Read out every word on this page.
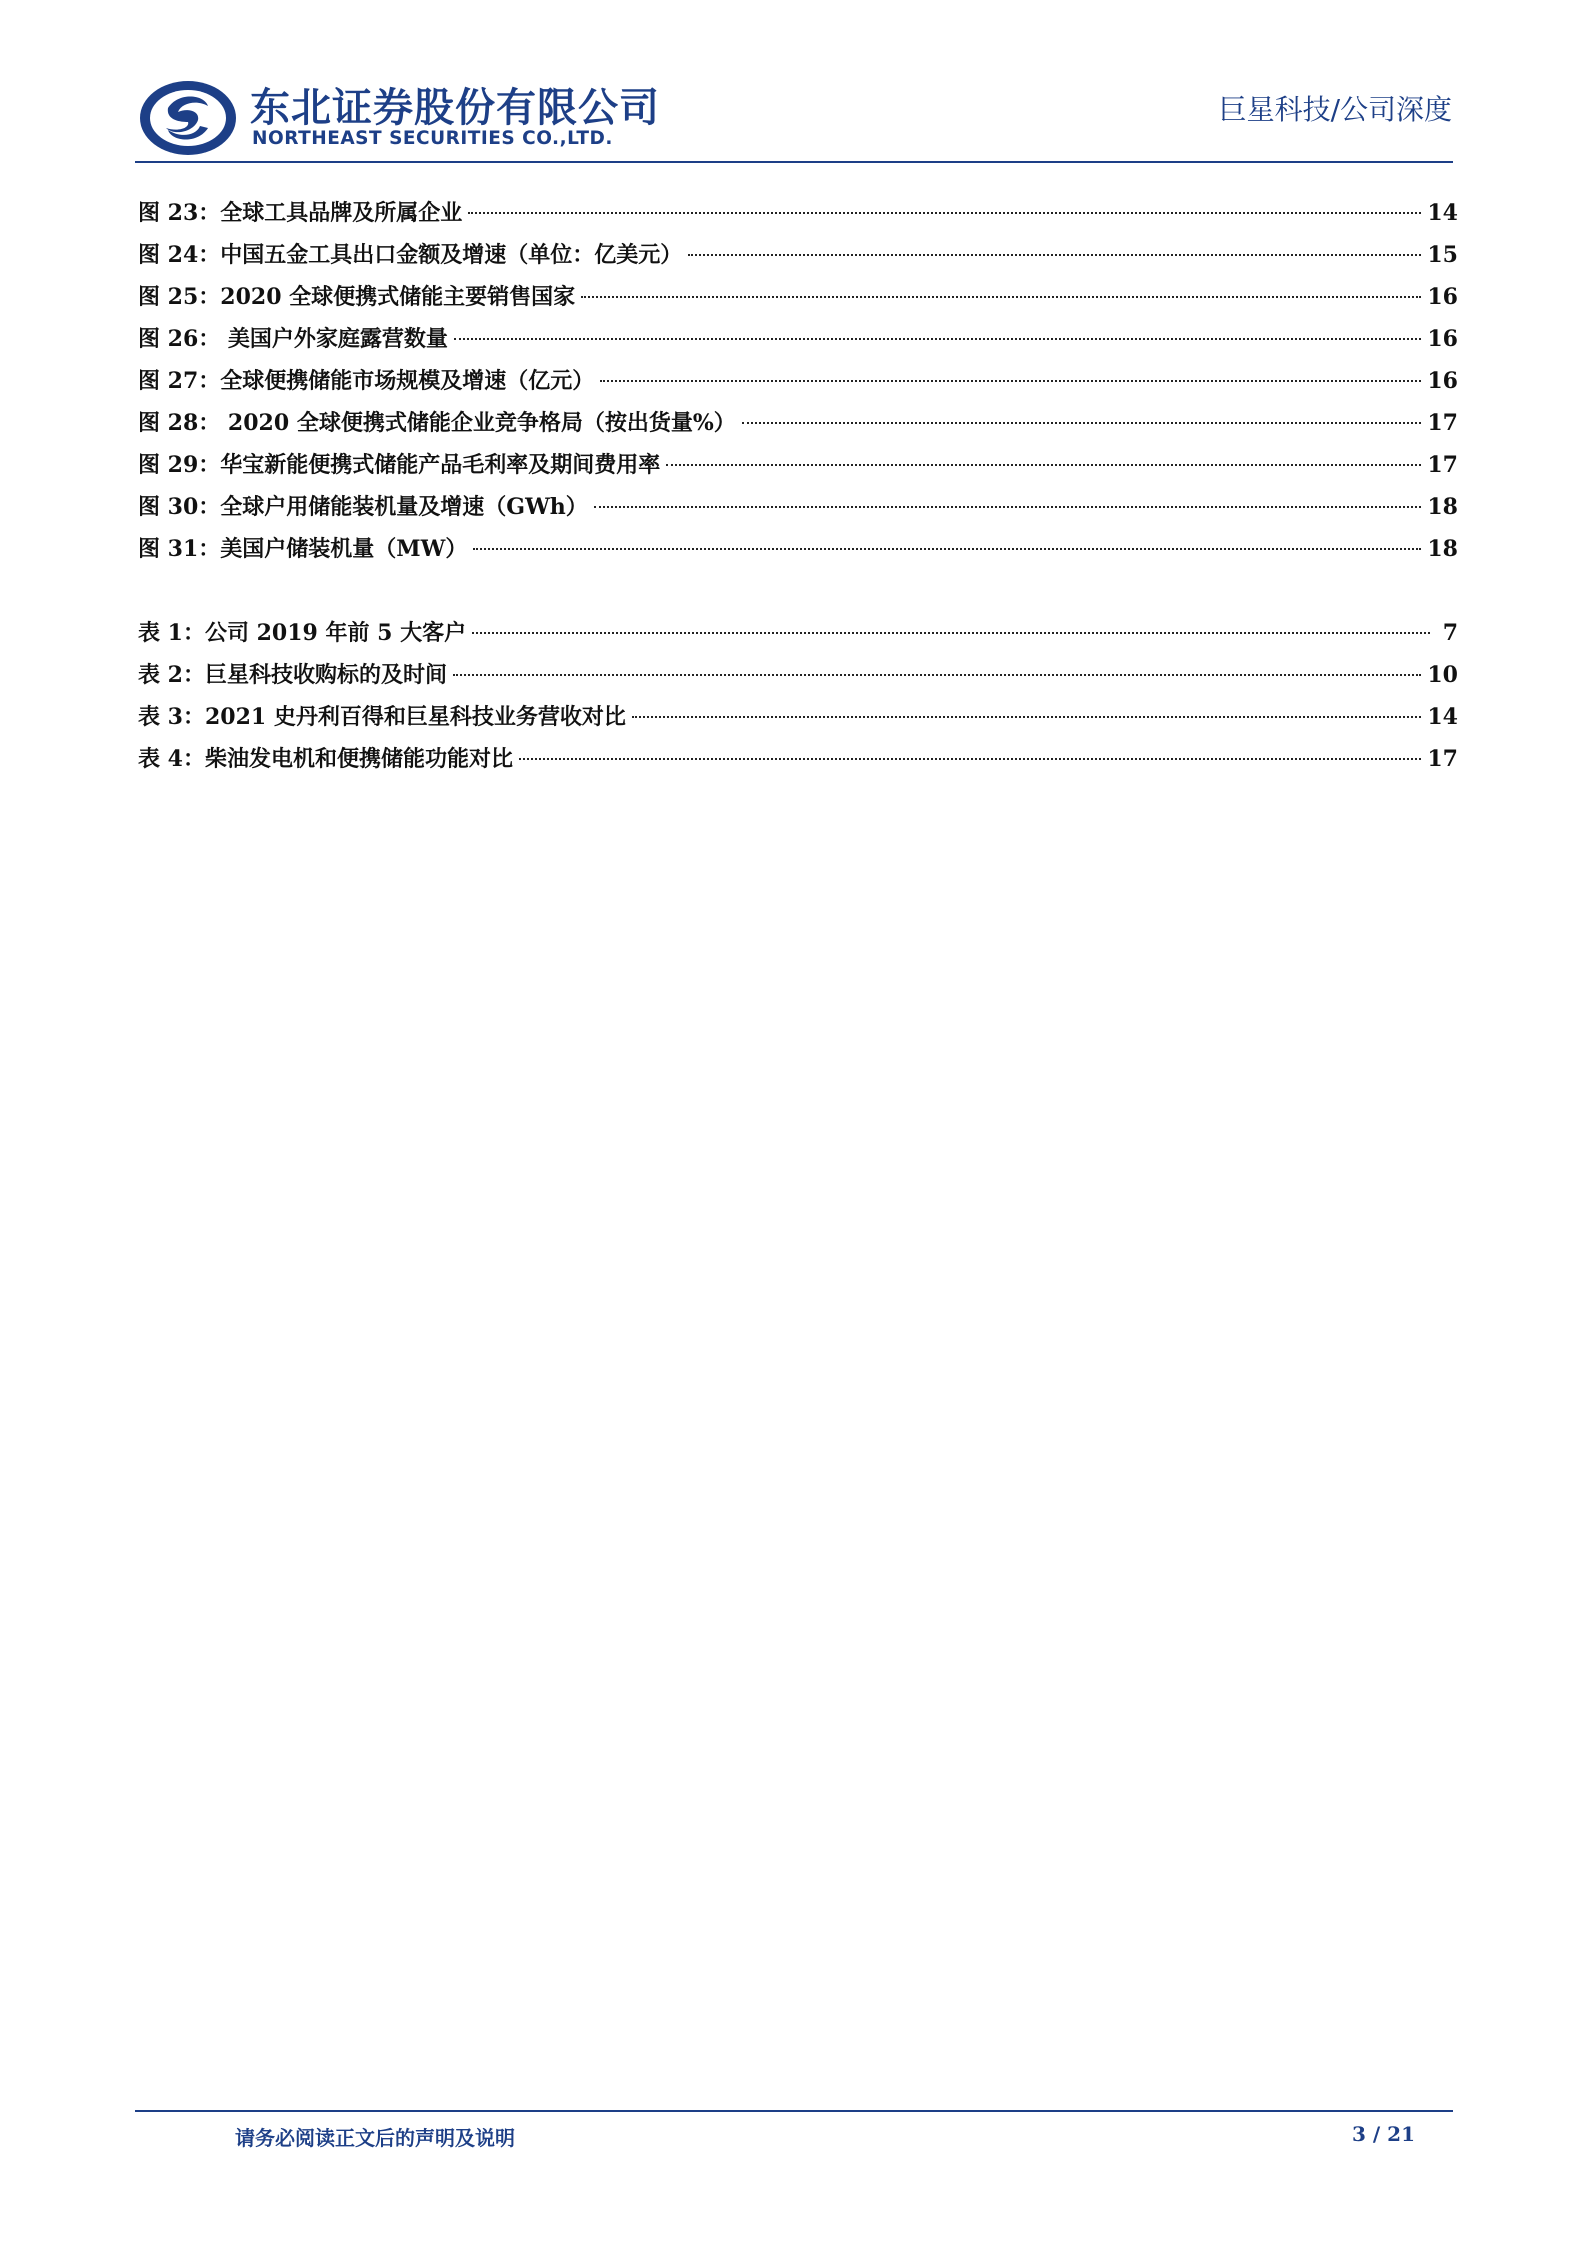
东北证券股份有限公司
NORTHEAST SECURITIES CO.,LTD.
巨星科技/公司深度
图 23：全球工具品牌及所属企业	14
图 24：中国五金工具出口金额及增速（单位：亿美元）	15
图 25：2020 全球便携式储能主要销售国家	16
图 26： 美国户外家庭露营数量	16
图 27：全球便携储能市场规模及增速（亿元）	16
图 28： 2020 全球便携式储能企业竞争格局（按出货量%）	17
图 29：华宝新能便携式储能产品毛利率及期间费用率	17
图 30：全球户用储能装机量及增速（GWh）	18
图 31：美国户储装机量（MW）	18
表 1：公司 2019 年前 5 大客户	7
表 2：巨星科技收购标的及时间	10
表 3：2021 史丹利百得和巨星科技业务营收对比	14
表 4：柴油发电机和便携储能功能对比	17
请务必阅读正文后的声明及说明	3 / 21
